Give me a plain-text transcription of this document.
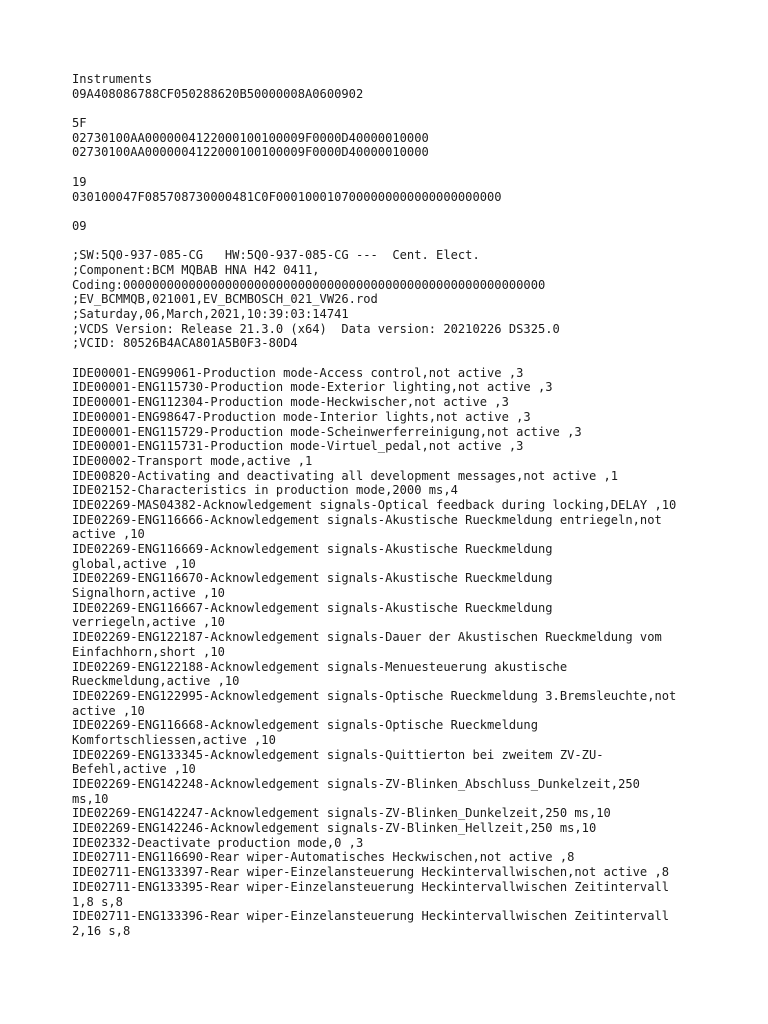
Instruments
09A408086788CF050288620B50000008A0600902
5F
02730100AA0000004122000100100009F0000D40000010000
02730100AA0000004122000100100009F0000D40000010000
19
030100047F085708730000481C0F0001000107000000000000000000000
09
;SW:5Q0-937-085-CG   HW:5Q0-937-085-CG ---  Cent. Elect.
;Component:BCM MQBAB HNA H42 0411,
Coding:0000000000000000000000000000000000000000000000000000000000
;EV_BCMMQB,021001,EV_BCMBOSCH_021_VW26.rod
;Saturday,06,March,2021,10:39:03:14741
;VCDS Version: Release 21.3.0 (x64)  Data version: 20210226 DS325.0
;VCID: 80526B4ACA801A5B0F3-80D4
IDE00001-ENG99061-Production mode-Access control,not active ,3
IDE00001-ENG115730-Production mode-Exterior lighting,not active ,3
IDE00001-ENG112304-Production mode-Heckwischer,not active ,3
IDE00001-ENG98647-Production mode-Interior lights,not active ,3
IDE00001-ENG115729-Production mode-Scheinwerferreinigung,not active ,3
IDE00001-ENG115731-Production mode-Virtuel_pedal,not active ,3
IDE00002-Transport mode,active ,1
IDE00820-Activating and deactivating all development messages,not active ,1
IDE02152-Characteristics in production mode,2000 ms,4
IDE02269-MAS04382-Acknowledgement signals-Optical feedback during locking,DELAY ,10
IDE02269-ENG116666-Acknowledgement signals-Akustische Rueckmeldung entriegeln,not
active ,10
IDE02269-ENG116669-Acknowledgement signals-Akustische Rueckmeldung
global,active ,10
IDE02269-ENG116670-Acknowledgement signals-Akustische Rueckmeldung
Signalhorn,active ,10
IDE02269-ENG116667-Acknowledgement signals-Akustische Rueckmeldung
verriegeln,active ,10
IDE02269-ENG122187-Acknowledgement signals-Dauer der Akustischen Rueckmeldung vom
Einfachhorn,short ,10
IDE02269-ENG122188-Acknowledgement signals-Menuesteuerung akustische
Rueckmeldung,active ,10
IDE02269-ENG122995-Acknowledgement signals-Optische Rueckmeldung 3.Bremsleuchte,not
active ,10
IDE02269-ENG116668-Acknowledgement signals-Optische Rueckmeldung
Komfortschliessen,active ,10
IDE02269-ENG133345-Acknowledgement signals-Quittierton bei zweitem ZV-ZU-
Befehl,active ,10
IDE02269-ENG142248-Acknowledgement signals-ZV-Blinken_Abschluss_Dunkelzeit,250
ms,10
IDE02269-ENG142247-Acknowledgement signals-ZV-Blinken_Dunkelzeit,250 ms,10
IDE02269-ENG142246-Acknowledgement signals-ZV-Blinken_Hellzeit,250 ms,10
IDE02332-Deactivate production mode,0 ,3
IDE02711-ENG116690-Rear wiper-Automatisches Heckwischen,not active ,8
IDE02711-ENG133397-Rear wiper-Einzelansteuerung Heckintervallwischen,not active ,8
IDE02711-ENG133395-Rear wiper-Einzelansteuerung Heckintervallwischen Zeitintervall
1,8 s,8
IDE02711-ENG133396-Rear wiper-Einzelansteuerung Heckintervallwischen Zeitintervall
2,16 s,8
